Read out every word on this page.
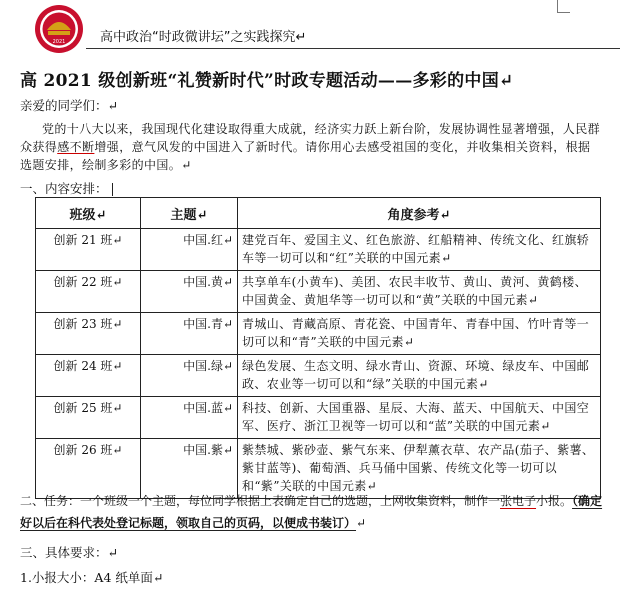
2021	高中政治“时政微讲坛”之实践探究↵
高 2021 级创新班“礼赞新时代”时政专题活动——多彩的中国↵
亲爱的同学们：↵
党的十八大以来，我国现代化建设取得重大成就，经济实力跃上新台阶，发展协调性显著增强，人民群众获得感不断增强，意气风发的中国进入了新时代。请你用心去感受祖国的变化，并收集相关资料，根据选题安排，绘制多彩的中国。↵
一、内容安排：
班级↵	主题↵	角度参考↵
创新 21 班↵	中国.红↵	建党百年、爱国主义、红色旅游、红船精神、传统文化、红旗轿车等一切可以和“红”关联的中国元素↵
创新 22 班↵	中国.黄↵	共享单车(小黄车)、美团、农民丰收节、黄山、黄河、黄鹤楼、中国黄金、黄旭华等一切可以和“黄”关联的中国元素↵
创新 23 班↵	中国.青↵	青城山、青藏高原、青花瓷、中国青年、青春中国、竹叶青等一切可以和“青”关联的中国元素↵
创新 24 班↵	中国.绿↵	绿色发展、生态文明、绿水青山、资源、环境、绿皮车、中国邮政、农业等一切可以和“绿”关联的中国元素↵
创新 25 班↵	中国.蓝↵	科技、创新、大国重器、星辰、大海、蓝天、中国航天、中国空军、医疗、浙江卫视等一切可以和“蓝”关联的中国元素↵
创新 26 班↵	中国.紫↵	紫禁城、紫砂壶、紫气东来、伊犁薰衣草、农产品(茄子、紫薯、紫甘蓝等)、葡萄酒、兵马俑中国紫、传统文化等一切可以和“紫”关联的中国元素↵
二、任务：一个班级一个主题，每位同学根据上表确定自己的选题，上网收集资料，制作一张电子小报。（确定好以后在科代表处登记标题，领取自己的页码，以便成书装订）↵
三、具体要求：↵
1.小报大小：A4 纸单面↵
